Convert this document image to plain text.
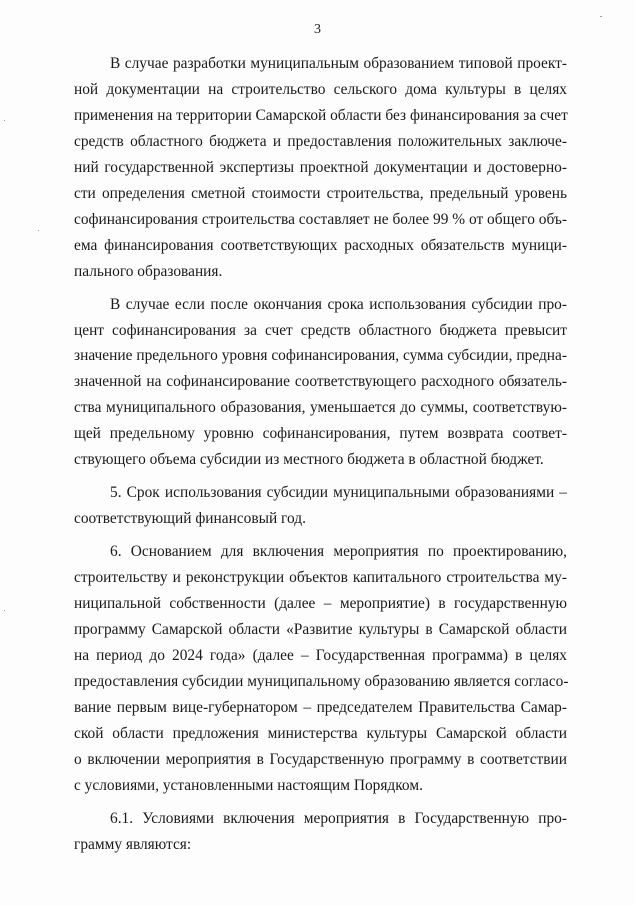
3

В случае разработки муниципальным образованием типовой проект-

ной документации на строительство сельского дома культуры в целях

применения на территории Самарской области без финансирования за счет

средств областного бюджета и предоставления положительных заключе-

ний государственной экспертизы проектной документации и достоверно-

сти определения сметной стоимости строительства, предельный уровень

софинансирования строительства составляет не более 99 % от общего объ-

ема финансирования соответствующих расходных обязательств муници-

пального образования.

В случае если после окончания срока использования субсидии про-

цент софинансирования за счет средств областного бюджета превысит

значение предельного уровня софинансирования, сумма субсидии, предна-

значенной на софинансирование соответствующего расходного обязатель-

ства муниципального образования, уменьшается до суммы, соответствую-

щей предельному уровню софинансирования, путем возврата соответ-

ствующего объема субсидии из местного бюджета в областной бюджет.

5. Срок использования субсидии муниципальными образованиями –

соответствующий финансовый год.

6. Основанием для включения мероприятия по проектированию,

строительству и реконструкции объектов капитального строительства му-

ниципальной собственности (далее – мероприятие) в государственную

программу Самарской области «Развитие культуры в Самарской области

на период до 2024 года» (далее – Государственная программа) в целях

предоставления субсидии муниципальному образованию является согласо-

вание первым вице-губернатором – председателем Правительства Самар-

ской области предложения министерства культуры Самарской области

о включении мероприятия в Государственную программу в соответствии

с условиями, установленными настоящим Порядком.

6.1. Условиями включения мероприятия в Государственную про-

грамму являются:
